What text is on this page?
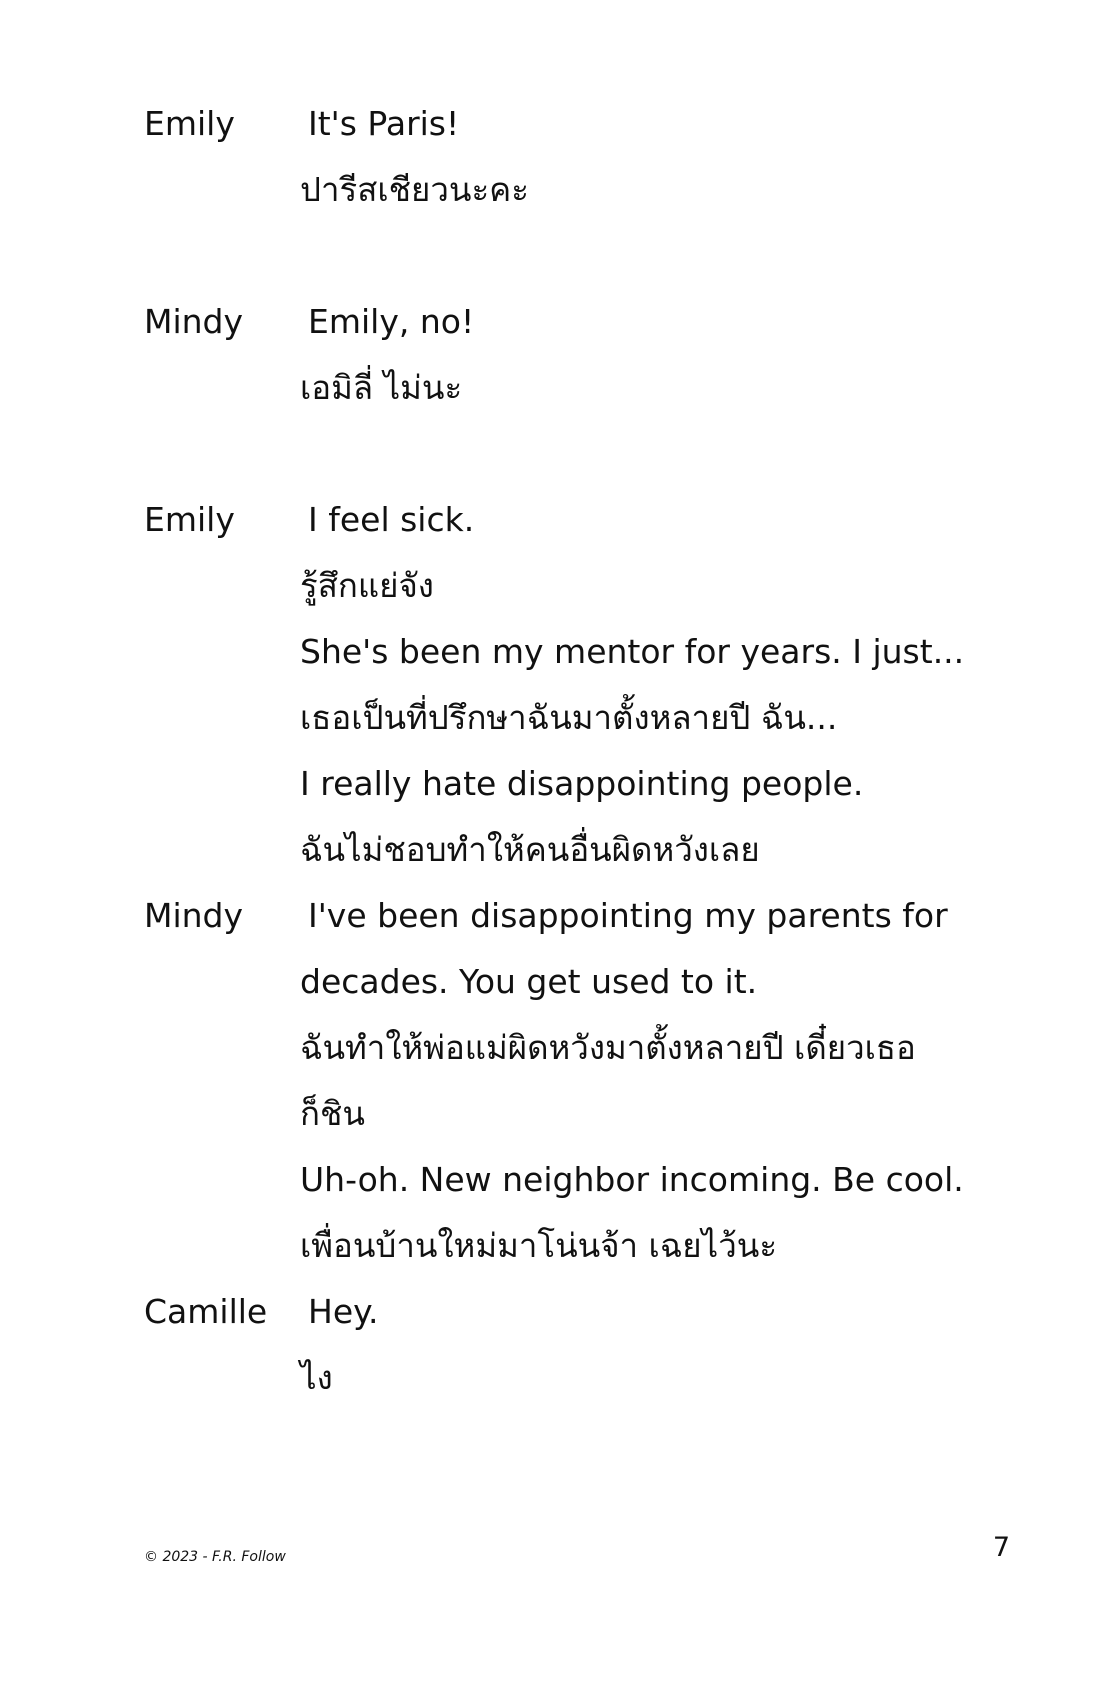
Emily It's Paris!
ปารีสเชียวนะคะ
Mindy Emily, no!
เอมิลี่ ไม่นะ
Emily I feel sick.
รู้สึกแย่จัง
She's been my mentor for years. I just...
เธอเป็นที่ปรึกษาฉันมาตั้งหลายปี ฉัน...
I really hate disappointing people.
ฉันไม่ชอบทำให้คนอื่นผิดหวังเลย
Mindy I've been disappointing my parents for
decades. You get used to it.
ฉันทำให้พ่อแม่ผิดหวังมาตั้งหลายปี เดี๋ยวเธอ
ก็ชิน
Uh-oh. New neighbor incoming. Be cool.
เพื่อนบ้านใหม่มาโน่นจ้า เฉยไว้นะ
Camille Hey.
ไง
© 2023 - F.R. Follow	7
